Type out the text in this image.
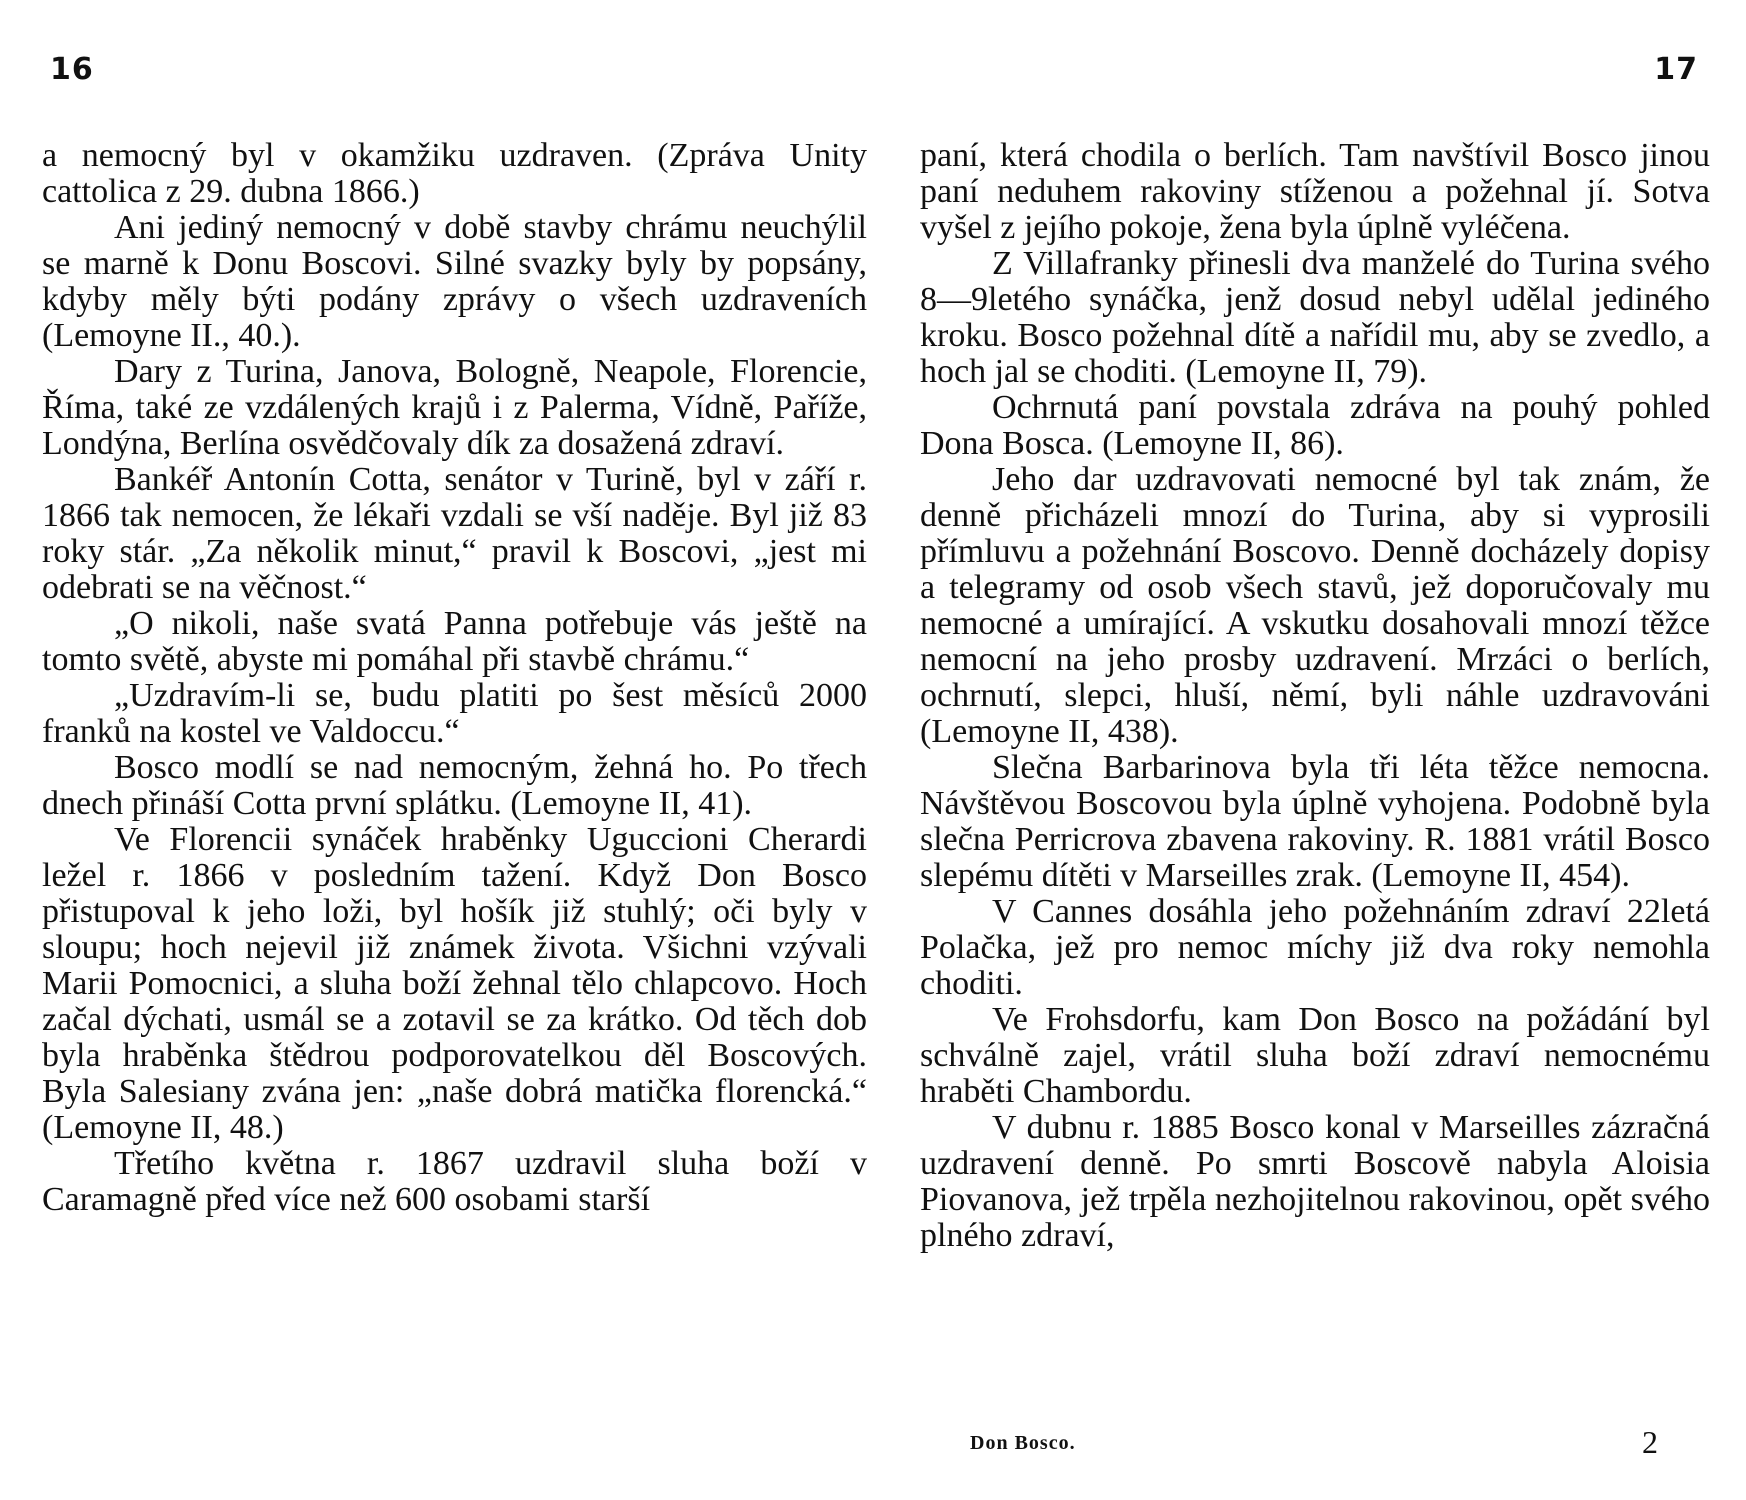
16

a nemocný byl v okamžiku uzdraven. (Zpráva Unity cattolica z 29. dubna 1866.)

Ani jediný nemocný v době stavby chrámu neuchýlil se marně k Donu Boscovi. Silné svazky byly by popsány, kdyby měly býti podány zprávy o všech uzdraveních (Lemoyne II., 40.).

Dary z Turina, Janova, Bologně, Neapole, Florencie, Říma, také ze vzdálených krajů i z Palerma, Vídně, Paříže, Londýna, Berlína osvědčovaly dík za dosažená zdraví.

Bankéř Antonín Cotta, senátor v Turině, byl v září r. 1866 tak nemocen, že lékaři vzdali se vší naděje. Byl již 83 roky stár. „Za několik minut,“ pravil k Boscovi, „jest mi odebrati se na věčnost.“

„O nikoli, naše svatá Panna potřebuje vás ještě na tomto světě, abyste mi pomáhal při stavbě chrámu.“

„Uzdravím-li se, budu platiti po šest měsíců 2000 franků na kostel ve Valdoccu.“

Bosco modlí se nad nemocným, žehná ho. Po třech dnech přináší Cotta první splátku. (Lemoyne II, 41).

Ve Florencii synáček hraběnky Uguccioni Cherardi ležel r. 1866 v posledním tažení. Když Don Bosco přistupoval k jeho loži, byl hošík již stuhlý; oči byly v sloupu; hoch nejevil již známek života. Všichni vzývali Marii Pomocnici, a sluha boží žehnal tělo chlapcovo. Hoch začal dýchati, usmál se a zotavil se za krátko. Od těch dob byla hraběnka štědrou podporovatelkou děl Boscových. Byla Salesiany zvána jen: „naše dobrá matička florencká.“ (Lemoyne II, 48.)

Třetího května r. 1867 uzdravil sluha boží v Caramagně před více než 600 osobami starší

17

paní, která chodila o berlích. Tam navštívil Bosco jinou paní neduhem rakoviny stíženou a požehnal jí. Sotva vyšel z jejího pokoje, žena byla úplně vyléčena.

Z Villafranky přinesli dva manželé do Turina svého 8—9letého synáčka, jenž dosud nebyl udělal jediného kroku. Bosco požehnal dítě a nařídil mu, aby se zvedlo, a hoch jal se choditi. (Lemoyne II, 79).

Ochrnutá paní povstala zdráva na pouhý pohled Dona Bosca. (Lemoyne II, 86).

Jeho dar uzdravovati nemocné byl tak znám, že denně přicházeli mnozí do Turina, aby si vyprosili přímluvu a požehnání Boscovo. Denně docházely dopisy a telegramy od osob všech stavů, jež doporučovaly mu nemocné a umírající. A vskutku dosahovali mnozí těžce nemocní na jeho prosby uzdravení. Mrzáci o berlích, ochrnutí, slepci, hluší, němí, byli náhle uzdravováni (Lemoyne II, 438).

Slečna Barbarinova byla tři léta těžce nemocna. Návštěvou Boscovou byla úplně vyhojena. Podobně byla slečna Perricrova zbavena rakoviny. R. 1881 vrátil Bosco slepému dítěti v Marseilles zrak. (Lemoyne II, 454).

V Cannes dosáhla jeho požehnáním zdraví 22letá Polačka, jež pro nemoc míchy již dva roky nemohla choditi.

Ve Frohsdorfu, kam Don Bosco na požádání byl schválně zajel, vrátil sluha boží zdraví nemocnému hraběti Chambordu.

V dubnu r. 1885 Bosco konal v Marseilles zázračná uzdravení denně. Po smrti Boscově nabyla Aloisia Piovanova, jež trpěla nezhojitelnou rakovinou, opět svého plného zdraví,

Don Bosco.	2
